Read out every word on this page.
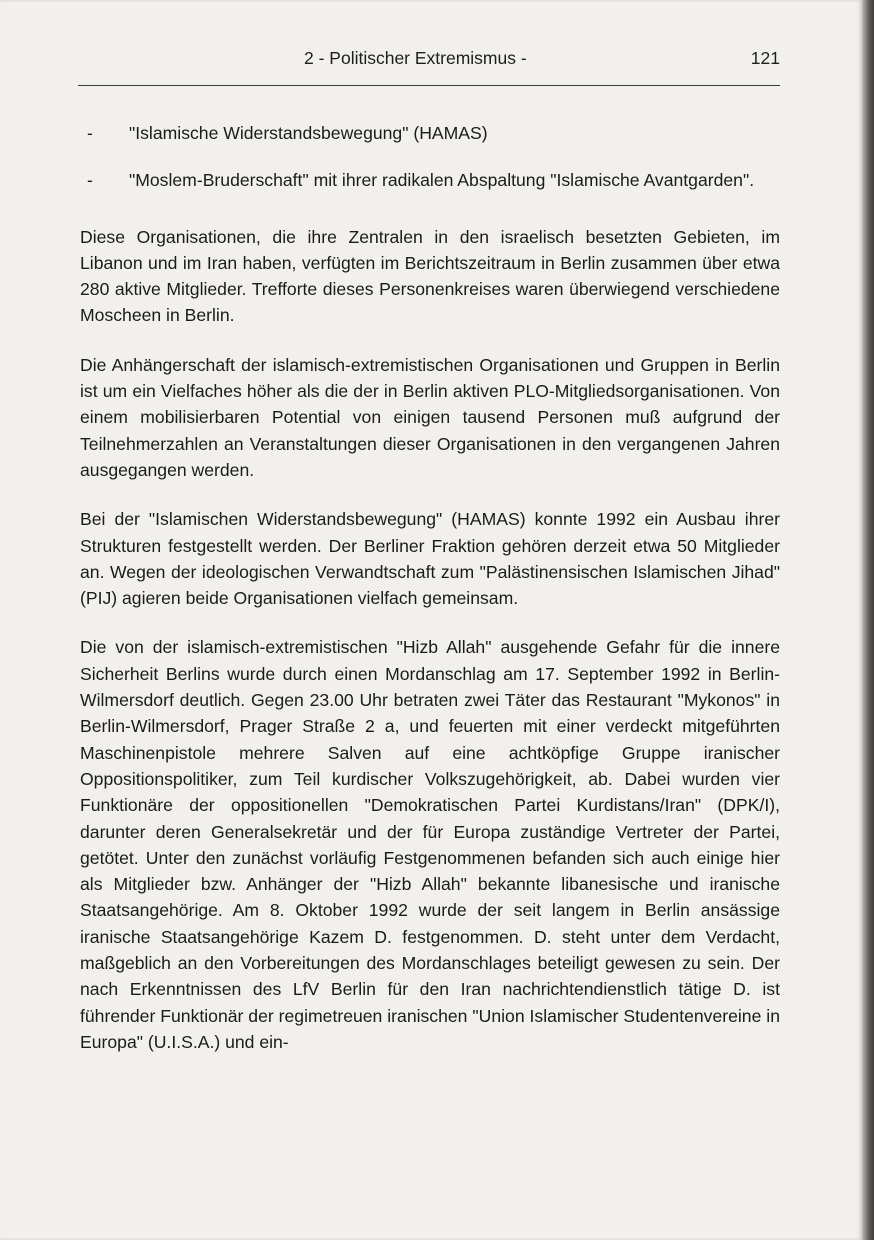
2 - Politischer Extremismus -	121
- "Islamische Widerstandsbewegung" (HAMAS)
- "Moslem-Bruderschaft" mit ihrer radikalen Abspaltung "Islamische Avantgarden".

Diese Organisationen, die ihre Zentralen in den israelisch besetzten Gebieten, im Libanon und im Iran haben, verfügten im Berichtszeitraum in Berlin zusammen über etwa 280 aktive Mitglieder. Trefforte dieses Personenkreises waren überwiegend verschiedene Moscheen in Berlin.

Die Anhängerschaft der islamisch-extremistischen Organisationen und Gruppen in Berlin ist um ein Vielfaches höher als die der in Berlin aktiven PLO-Mitgliedsorganisationen. Von einem mobilisierbaren Potential von einigen tausend Personen muß aufgrund der Teilnehmerzahlen an Veranstaltungen dieser Organisationen in den vergangenen Jahren ausgegangen werden.

Bei der "Islamischen Widerstandsbewegung" (HAMAS) konnte 1992 ein Ausbau ihrer Strukturen festgestellt werden. Der Berliner Fraktion gehören derzeit etwa 50 Mitglieder an. Wegen der ideologischen Verwandtschaft zum "Palästinensischen Islamischen Jihad" (PIJ) agieren beide Organisationen vielfach gemeinsam.

Die von der islamisch-extremistischen "Hizb Allah" ausgehende Gefahr für die innere Sicherheit Berlins wurde durch einen Mordanschlag am 17. September 1992 in Berlin-Wilmersdorf deutlich. Gegen 23.00 Uhr betraten zwei Täter das Restaurant "Mykonos" in Berlin-Wilmersdorf, Prager Straße 2 a, und feuerten mit einer verdeckt mitgeführten Maschinenpistole mehrere Salven auf eine achtköpfige Gruppe iranischer Oppositionspolitiker, zum Teil kurdischer Volkszugehörigkeit, ab. Dabei wurden vier Funktionäre der oppositionellen "Demokratischen Partei Kurdistans/Iran" (DPK/I), darunter deren Generalsekretär und der für Europa zuständige Vertreter der Partei, getötet. Unter den zunächst vorläufig Festgenommenen befanden sich auch einige hier als Mitglieder bzw. Anhänger der "Hizb Allah" bekannte libanesische und iranische Staatsangehörige. Am 8. Oktober 1992 wurde der seit langem in Berlin ansässige iranische Staatsangehörige Kazem D. festgenommen. D. steht unter dem Verdacht, maßgeblich an den Vorbereitungen des Mordanschlages beteiligt gewesen zu sein. Der nach Erkenntnissen des LfV Berlin für den Iran nachrichtendienstlich tätige D. ist führender Funktionär der regimetreuen iranischen "Union Islamischer Studentenvereine in Europa" (U.I.S.A.) und ein-
